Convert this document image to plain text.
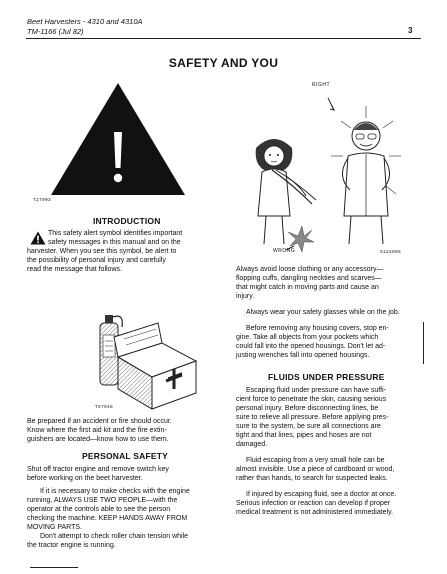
Beet Harvesters - 4310 and 4310A
TM-1166 (Jul 82)	3
SAFETY AND YOU
T27903
RIGHT
WRONG	S124806
INTRODUCTION
This safety alert symbol identifies important
safety messages in this manual and on the
harvester. When you see this symbol, be alert to
the possibility of personal injury and carefully
read the message that follows.
T57948
Be prepared if an accident or fire should occur.
Know where the first aid kit and the fire extin-
guishers are located—know how to use them.
PERSONAL SAFETY
Shut off tractor engine and remove switch key
before working on the beet harvester.
If it is necessary to make checks with the engine
running, ALWAYS USE TWO PEOPLE—with the
operator at the controls able to see the person
checking the machine. KEEP HANDS AWAY FROM
MOVING PARTS.
Don't attempt to check roller chain tension while
the tractor engine is running.
Always avoid loose clothing or any accessory—
flopping cuffs, dangling neckties and scarves—
that might catch in moving parts and cause an
injury.
Always wear your safety glasses while on the job.
Before removing any housing covers, stop en-
gine. Take all objects from your pockets which
could fall into the opened housings. Don't let ad-
justing wrenches fall into opened housings.
FLUIDS UNDER PRESSURE
Escaping fluid under pressure can have suffi-
cient force to penetrate the skin, causing serious
personal injury. Before disconnecting lines, be
sure to relieve all pressure. Before applying pres-
sure to the system, be sure all connections are
tight and that lines, pipes and hoses are not
damaged.
Fluid escaping from a very small hole can be
almost invisible. Use a piece of cardboard or wood,
rather than hands, to search for suspected leaks.
If injured by escaping fluid, see a doctor at once.
Serious infection or reaction can develop if proper
medical treatment is not administered immediately.
